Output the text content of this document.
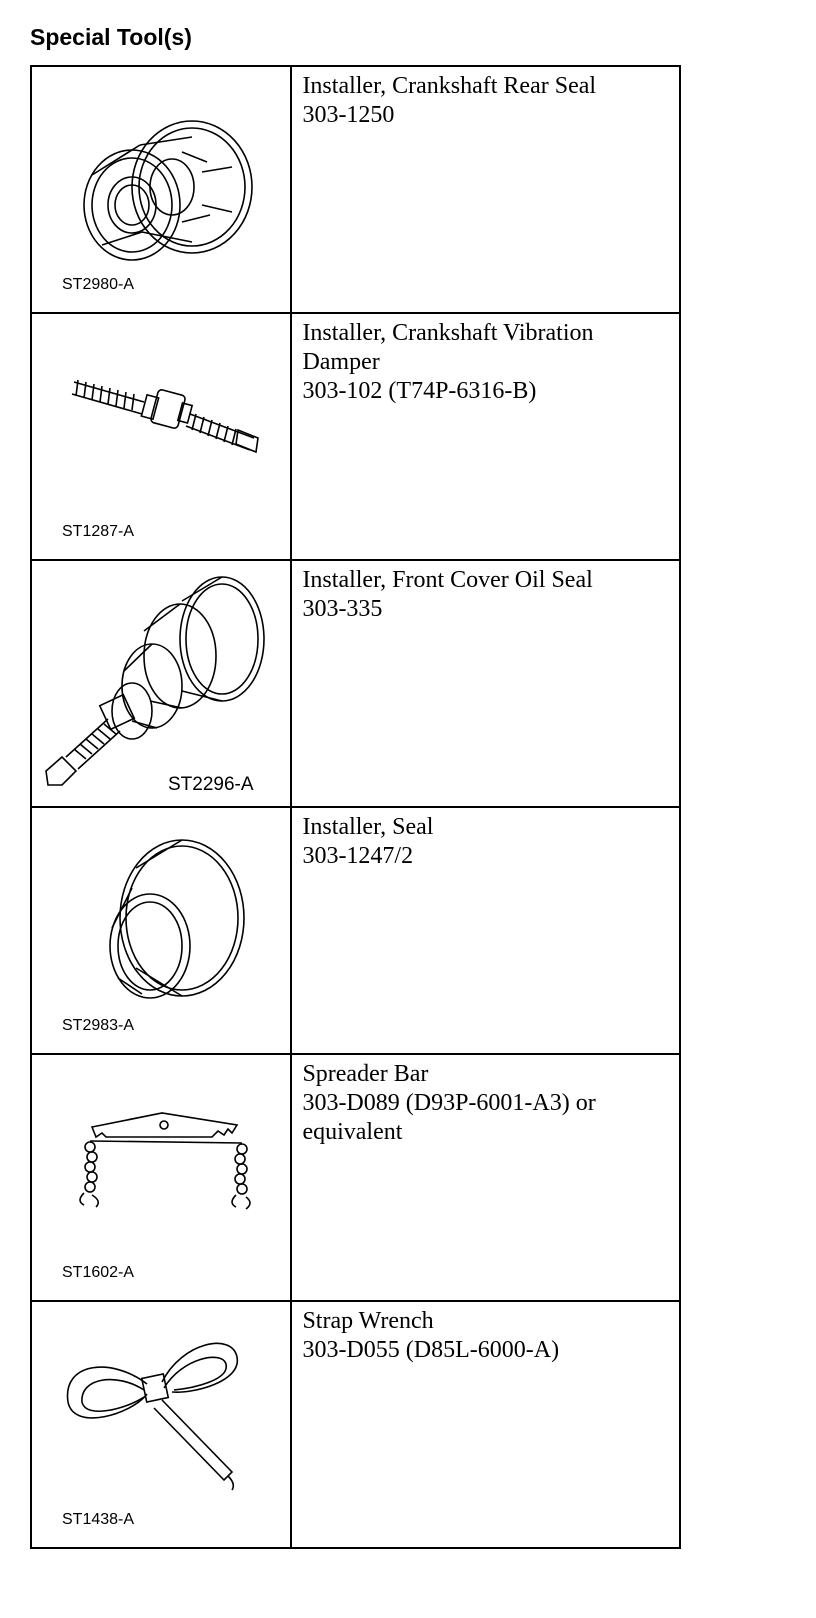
Special Tool(s)
ST2980-A	Installer, Crankshaft Rear Seal
303-1250

ST1287-A	Installer, Crankshaft Vibration
Damper
303-102 (T74P-6316-B)

ST2296-A	Installer, Front Cover Oil Seal
303-335

ST2983-A	Installer, Seal
303-1247/2

ST1602-A	Spreader Bar
303-D089 (D93P-6001-A3) or
equivalent

ST1438-A	Strap Wrench
303-D055 (D85L-6000-A)
